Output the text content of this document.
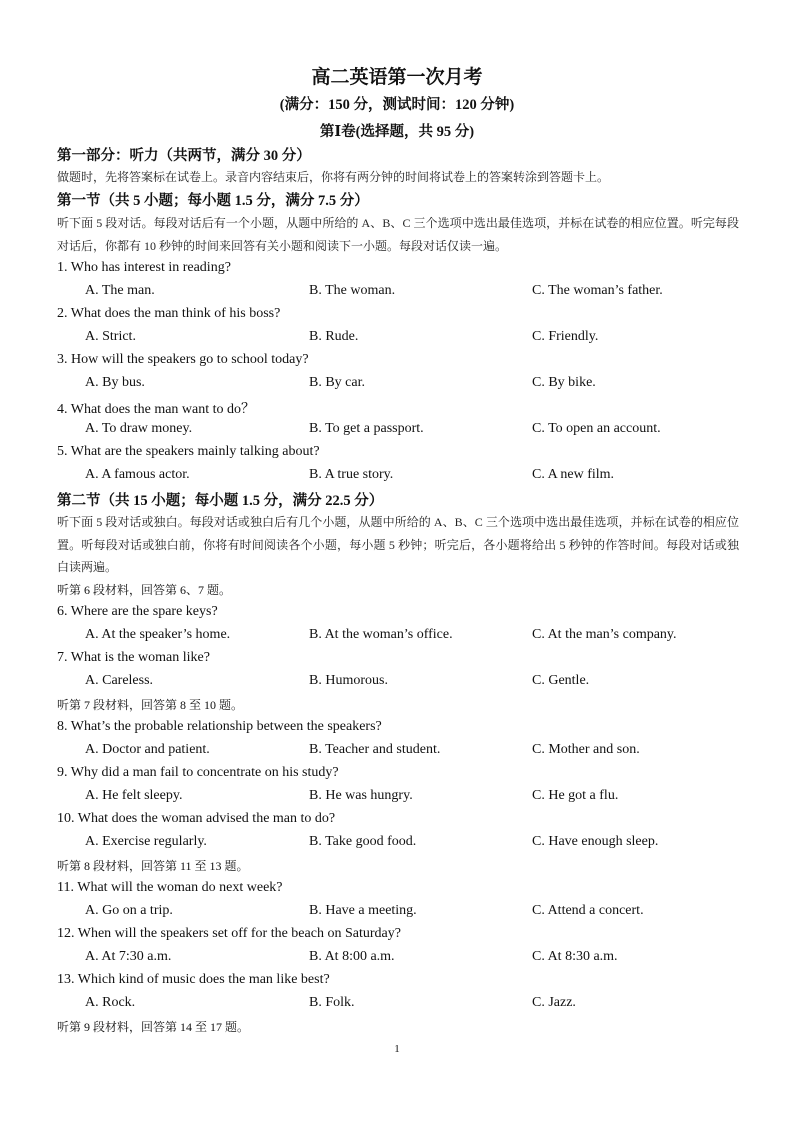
高二英语第一次月考
(满分：150 分，测试时间：120 分钟)
第Ⅰ卷(选择题，共 95 分)
第一部分：听力（共两节，满分 30 分）
做题时，先将答案标在试卷上。录音内容结束后，你将有两分钟的时间将试卷上的答案转涂到答题卡上。
第一节（共 5 小题；每小题 1.5 分，满分 7.5 分）
听下面 5 段对话。每段对话后有一个小题，从题中所给的 A、B、C 三个选项中选出最佳选项，并标在试卷的相应位置。听完每段对话后，你都有 10 秒钟的时间来回答有关小题和阅读下一小题。每段对话仅读一遍。
1. Who has interest in reading?
A. The man.	B. The woman.	C. The woman’s father.
2. What does the man think of his boss?
A. Strict.	B. Rude.	C. Friendly.
3. How will the speakers go to school today?
A. By bus.	B. By car.	C. By bike.
4. What does the man want to do？
A. To draw money.	B. To get a passport.	C. To open an account.
5. What are the speakers mainly talking about?
A. A famous actor.	B. A true story.	C. A new film.
第二节（共 15 小题；每小题 1.5 分，满分 22.5 分）
听下面 5 段对话或独白。每段对话或独白后有几个小题，从题中所给的 A、B、C 三个选项中选出最佳选项，并标在试卷的相应位置。听每段对话或独白前，你将有时间阅读各个小题，每小题 5 秒钟；听完后，各小题将给出 5 秒钟的作答时间。每段对话或独白读两遍。
听第 6 段材料，回答第 6、7 题。
6. Where are the spare keys?
A. At the speaker’s home.	B. At the woman’s office.	C. At the man’s company.
7. What is the woman like?
A. Careless.	B. Humorous.	C. Gentle.
听第 7 段材料，回答第 8 至 10 题。
8. What’s the probable relationship between the speakers?
A. Doctor and patient.	B. Teacher and student.	C. Mother and son.
9. Why did a man fail to concentrate on his study?
A. He felt sleepy.	B. He was hungry.	C. He got a flu.
10. What does the woman advised the man to do?
A. Exercise regularly.	B. Take good food.	C. Have enough sleep.
听第 8 段材料，回答第 11 至 13 题。
11. What will the woman do next week?
A. Go on a trip.	B. Have a meeting.	C. Attend a concert.
12. When will the speakers set off for the beach on Saturday?
A. At 7:30 a.m.	B. At 8:00 a.m.	C. At 8:30 a.m.
13. Which kind of music does the man like best?
A. Rock.	B. Folk.	C. Jazz.
听第 9 段材料，回答第 14 至 17 题。
1
